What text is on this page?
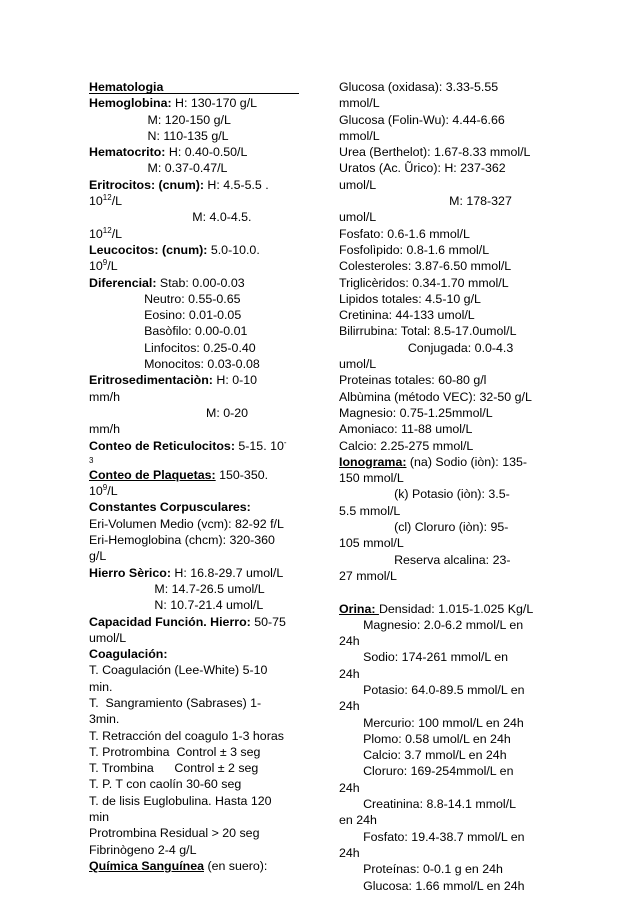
Hematologia
Hemoglobina: H: 130-170 g/L
M: 120-150 g/L
N: 110-135 g/L
Hematocrito: H: 0.40-0.50/L
M: 0.37-0.47/L
Eritrocitos: (cnum): H: 4.5-5.5 .
$10^{12}/L$
M: 4.0-4.5.
$10^{12}/L$
Leucocitos: (cnum): 5.0-10.0.
$10^9/L$
Diferencial: Stab: 0.00-0.03
Neutro: 0.55-0.65
Eosino: 0.01-0.05
Basòfilo: 0.00-0.01
Linfocitos: 0.25-0.40
Monocitos: 0.03-0.08
Eritrosedimentaciòn: H: 0-10
mm/h
M: 0-20
mm/h
Conteo de Reticulocitos: 5-15. 10-
3
Conteo de Plaquetas: 150-350.
$10^9/L$
Constantes Corpusculares:
Eri-Volumen Medio (vcm): 82-92 f/L
Eri-Hemoglobina (chcm): 320-360
g/L
Hierro Sèrico: H: 16.8-29.7 umol/L
M: 14.7-26.5 umol/L
N: 10.7-21.4 umol/L
Capacidad Función. Hierro: 50-75
umol/L
Coagulación:
T. Coagulación (Lee-White) 5-10
min.
T.  Sangramiento (Sabrases) 1-
3min.
T. Retracción del coagulo 1-3 horas
T. Protrombina  Control ± 3 seg
T. Trombina      Control ± 2 seg
T. P. T con caolín 30-60 seg
T. de lisis Euglobulina. Hasta 120
min
Protrombina Residual > 20 seg
Fibrinògeno 2-4 g/L
Química Sanguínea (en suero):
Glucosa (oxidasa): 3.33-5.55
mmol/L
Glucosa (Folin-Wu): 4.44-6.66
mmol/L
Urea (Berthelot): 1.67-8.33 mmol/L
Uratos (Ac. Ũrico): H: 237-362
umol/L
M: 178-327
umol/L
Fosfato: 0.6-1.6 mmol/L
Fosfolìpido: 0.8-1.6 mmol/L
Colesteroles: 3.87-6.50 mmol/L
Triglicèridos: 0.34-1.70 mmol/L
Lipidos totales: 4.5-10 g/L
Cretinina: 44-133 umol/L
Bilirrubina: Total: 8.5-17.0umol/L
Conjugada: 0.0-4.3
umol/L
Proteinas totales: 60-80 g/l
Albùmina (método VEC): 32-50 g/L
Magnesio: 0.75-1.25mmol/L
Amoniaco: 11-88 umol/L
Calcio: 2.25-275 mmol/L
Ionograma: (na) Sodio (iòn): 135-
150 mmol/L
(k) Potasio (iòn): 3.5-
5.5 mmol/L
(cl) Cloruro (iòn): 95-
105 mmol/L
Reserva alcalina: 23-
27 mmol/L
Orina: Densidad: 1.015-1.025 Kg/L
Magnesio: 2.0-6.2 mmol/L en
24h
Sodio: 174-261 mmol/L en
24h
Potasio: 64.0-89.5 mmol/L en
24h
Mercurio: 100 mmol/L en 24h
Plomo: 0.58 umol/L en 24h
Calcio: 3.7 mmol/L en 24h
Cloruro: 169-254mmol/L en
24h
Creatinina: 8.8-14.1 mmol/L
en 24h
Fosfato: 19.4-38.7 mmol/L en
24h
Proteínas: 0-0.1 g en 24h
Glucosa: 1.66 mmol/L en 24h
